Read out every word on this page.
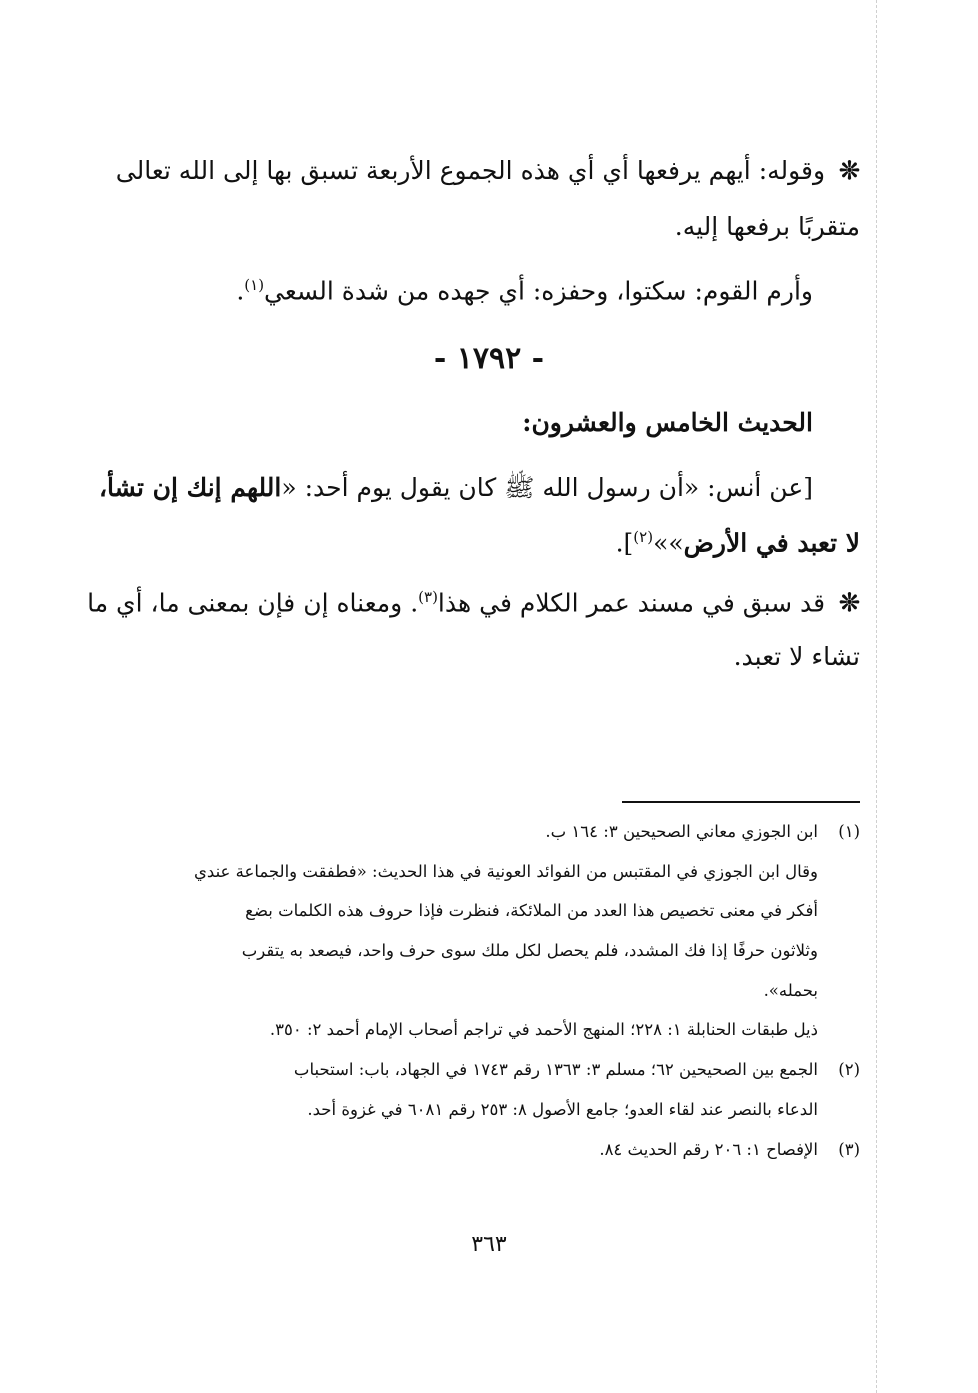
❊ وقوله: أيهم يرفعها أي أي هذه الجموع الأربعة تسبق بها إلى الله تعالى
متقربًا برفعها إليه.
وأرم القوم: سكتوا، وحفزه: أي جهده من شدة السعي$^{(١)}$.
- ١٧٩٢ -
الحديث الخامس والعشرون:
[عن أنس: «أن رسول الله ﷺ كان يقول يوم أحد: «اللهم إنك إن تشأ،
لا تعبد في الأرض»»$^{(٢)}$].
❊ قد سبق في مسند عمر الكلام في هذا$^{(٣)}$. ومعناه إن فإن بمعنى ما، أي ما
تشاء لا تعبد.
(١)
ابن الجوزي معاني الصحيحين ٣: ١٦٤ ب.
وقال ابن الجوزي في المقتبس من الفوائد العونية في هذا الحديث: «فطفقت والجماعة عندي
أفكر في معنى تخصيص هذا العدد من الملائكة، فنظرت فإذا حروف هذه الكلمات بضع
وثلاثون حرفًا إذا فك المشدد، فلم يحصل لكل ملك سوى حرف واحد، فيصعد به يتقرب
بحمله».
ذيل طبقات الحنابلة ١: ٢٢٨؛ المنهج الأحمد في تراجم أصحاب الإمام أحمد ٢: ٣٥٠.
(٢)
الجمع بين الصحيحين ٦٢؛ مسلم ٣: ١٣٦٣ رقم ١٧٤٣ في الجهاد، باب: استحباب
الدعاء بالنصر عند لقاء العدو؛ جامع الأصول ٨: ٢٥٣ رقم ٦٠٨١ في غزوة أحد.
(٣)
الإفصاح ١: ٢٠٦ رقم الحديث ٨٤.
٣٦٣
